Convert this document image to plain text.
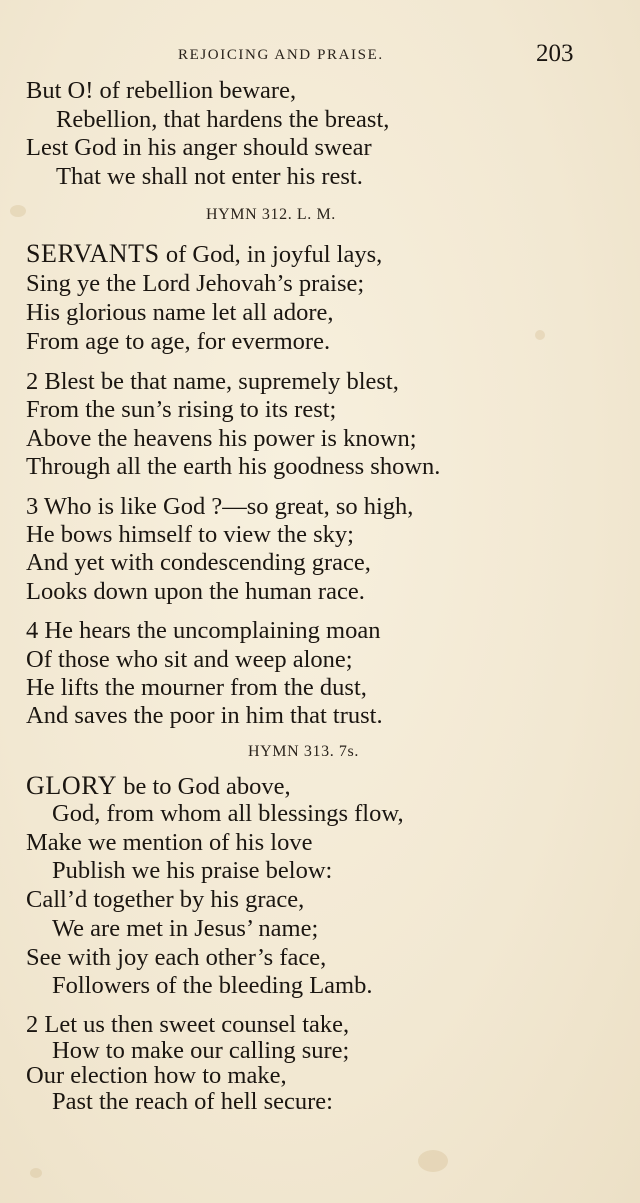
REJOICING AND PRAISE.	203
But O! of rebellion beware,
Rebellion, that hardens the breast,
Lest God in his anger should swear
That we shall not enter his rest.
HYMN 312. L. M.
SERVANTS of God, in joyful lays,
Sing ye the Lord Jehovah’s praise;
His glorious name let all adore,
From age to age, for evermore.
2 Blest be that name, supremely blest,
From the sun’s rising to its rest;
Above the heavens his power is known;
Through all the earth his goodness shown.
3 Who is like God ?—so great, so high,
He bows himself to view the sky;
And yet with condescending grace,
Looks down upon the human race.
4 He hears the uncomplaining moan
Of those who sit and weep alone;
He lifts the mourner from the dust,
And saves the poor in him that trust.
HYMN 313. 7s.
GLORY be to God above,
God, from whom all blessings flow,
Make we mention of his love
Publish we his praise below:
Call’d together by his grace,
We are met in Jesus’ name;
See with joy each other’s face,
Followers of the bleeding Lamb.
2 Let us then sweet counsel take,
How to make our calling sure;
Our election how to make,
Past the reach of hell secure:
